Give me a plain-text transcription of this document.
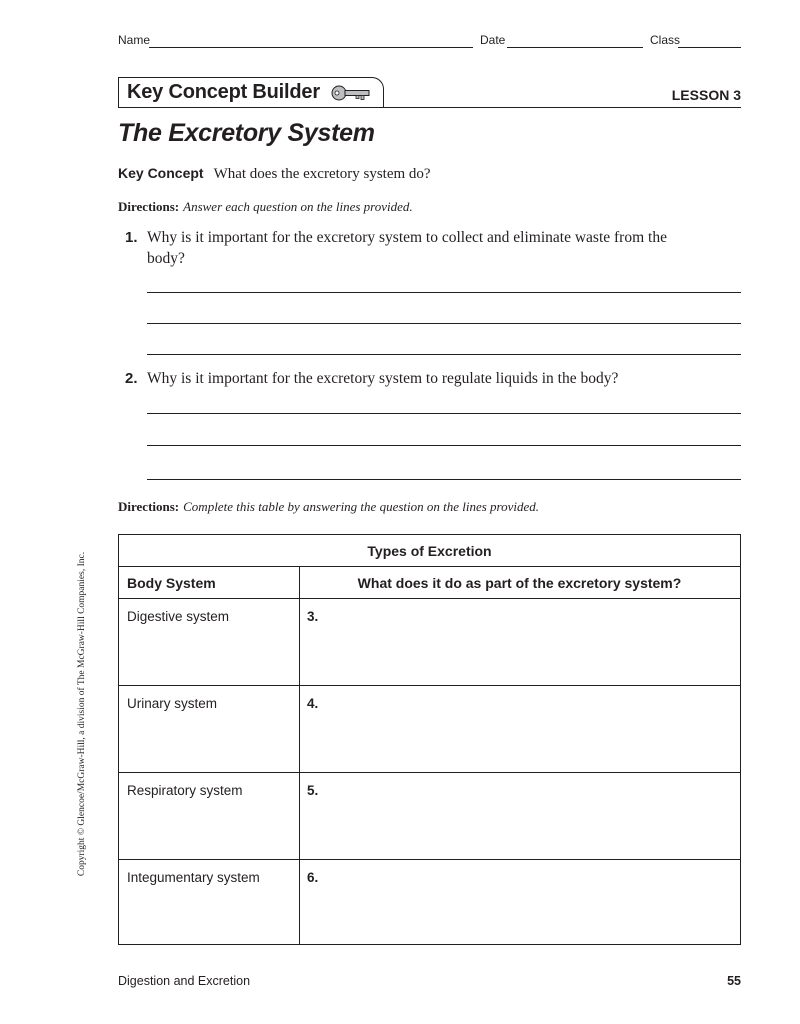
Name	Date	Class
Key Concept Builder	LESSON 3
The Excretory System
Key Concept What does the excretory system do?
Directions: Answer each question on the lines provided.
1. Why is it important for the excretory system to collect and eliminate waste from the
body?
2. Why is it important for the excretory system to regulate liquids in the body?
Directions: Complete this table by answering the question on the lines provided.
Types of Excretion
Body System	What does it do as part of the excretory system?
Digestive system	3.
Urinary system	4.
Respiratory system	5.
Integumentary system	6.
Copyright © Glencoe/McGraw-Hill, a division of The McGraw-Hill Companies, Inc.
Digestion and Excretion	55
